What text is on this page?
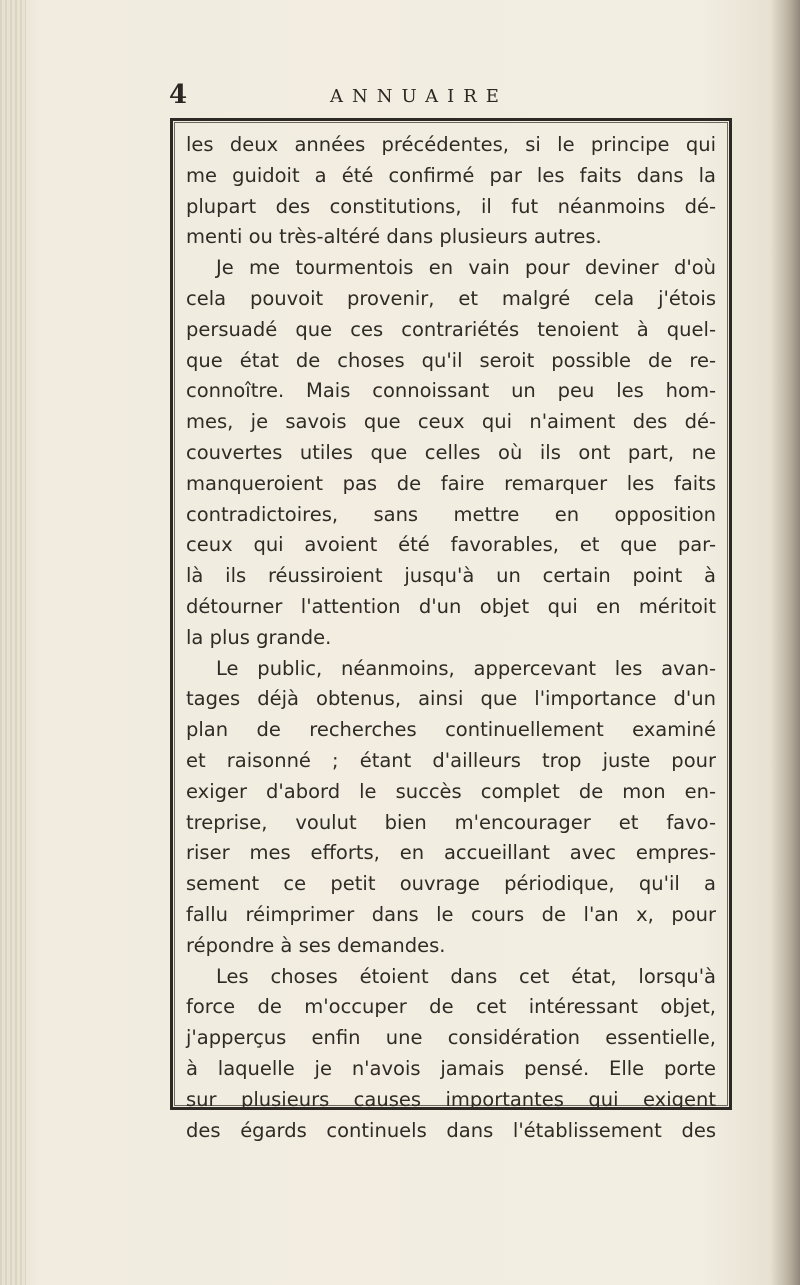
4	ANNUAIRE
les deux années précédentes, si le principe qui
me guidoit a été confirmé par les faits dans la
plupart des constitutions, il fut néanmoins dé-
menti ou très-altéré dans plusieurs autres.
Je me tourmentois en vain pour deviner d'où
cela pouvoit provenir, et malgré cela j'étois
persuadé que ces contrariétés tenoient à quel-
que état de choses qu'il seroit possible de re-
connoître. Mais connoissant un peu les hom-
mes, je savois que ceux qui n'aiment des dé-
couvertes utiles que celles où ils ont part, ne
manqueroient pas de faire remarquer les faits
contradictoires, sans mettre en opposition
ceux qui avoient été favorables, et que par-
là ils réussiroient jusqu'à un certain point à
détourner l'attention d'un objet qui en méritoit
la plus grande.
Le public, néanmoins, appercevant les avan-
tages déjà obtenus, ainsi que l'importance d'un
plan de recherches continuellement examiné
et raisonné ; étant d'ailleurs trop juste pour
exiger d'abord le succès complet de mon en-
treprise, voulut bien m'encourager et favo-
riser mes efforts, en accueillant avec empres-
sement ce petit ouvrage périodique, qu'il a
fallu réimprimer dans le cours de l'an x, pour
répondre à ses demandes.
Les choses étoient dans cet état, lorsqu'à
force de m'occuper de cet intéressant objet,
j'apperçus enfin une considération essentielle,
à laquelle je n'avois jamais pensé. Elle porte
sur plusieurs causes importantes qui exigent
des égards continuels dans l'établissement des
